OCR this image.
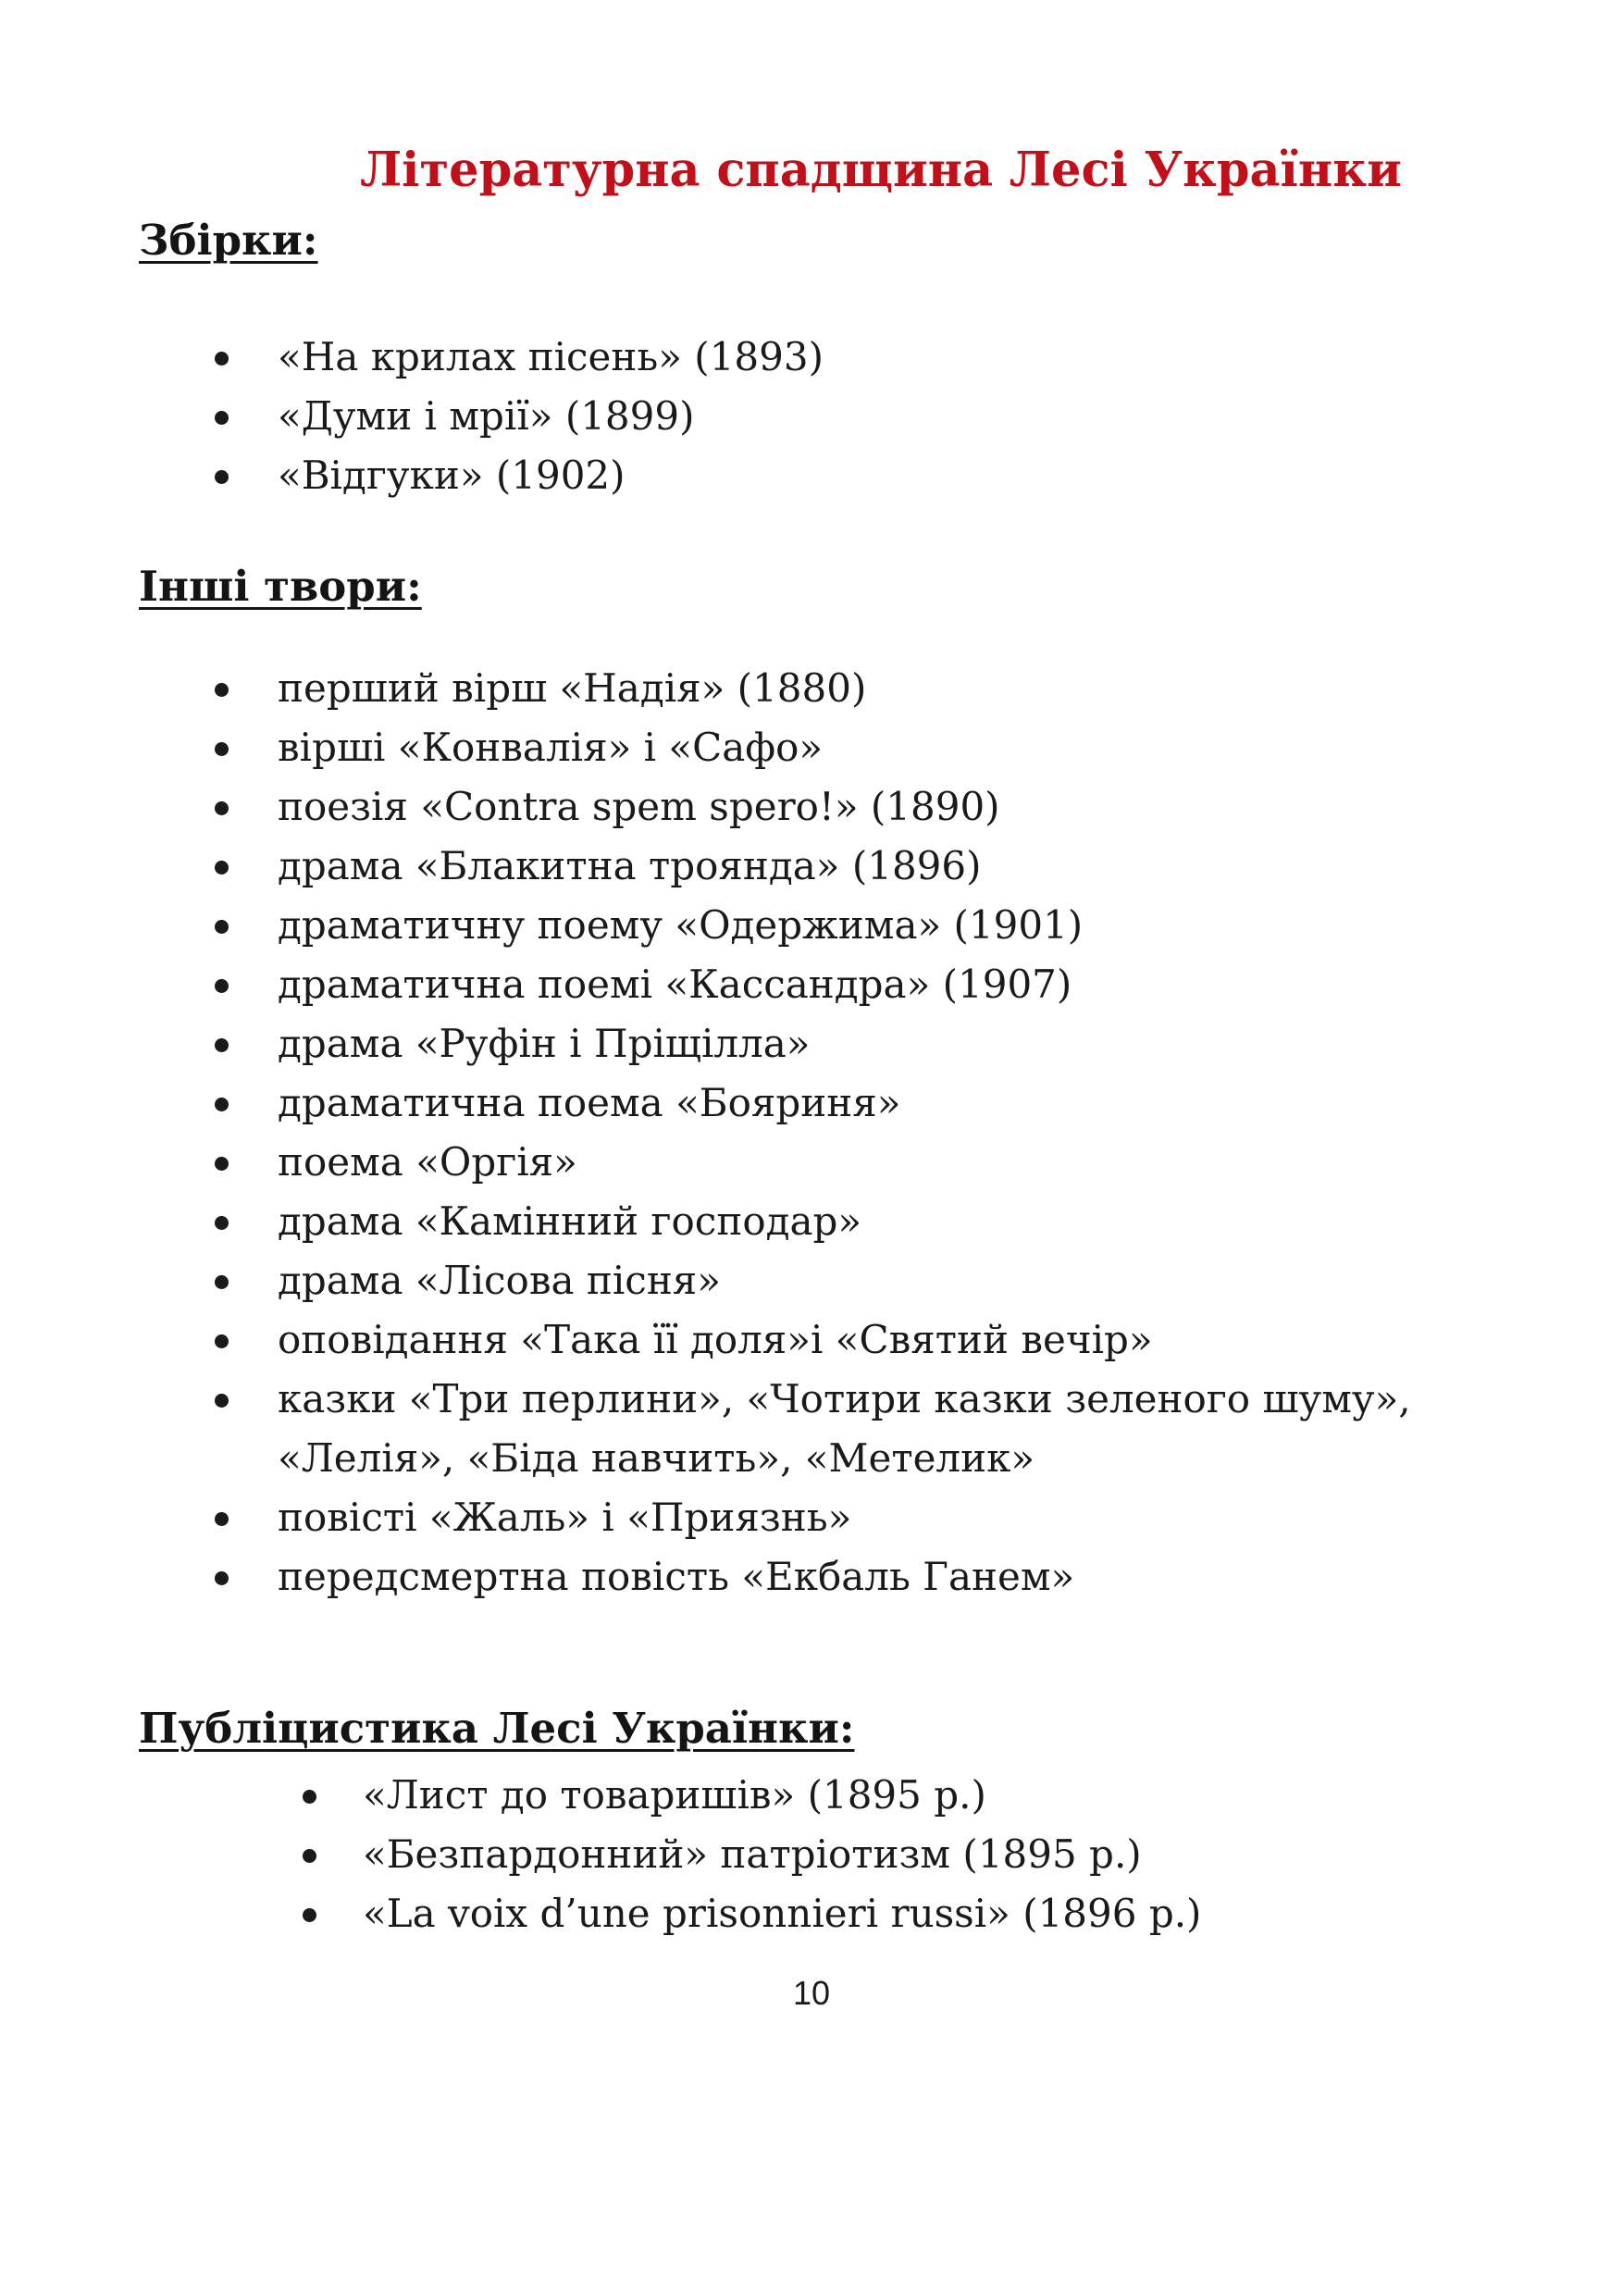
Літературна спадщина Лесі Українки
Збірки:
«На крилах пісень» (1893)
«Думи і мрії» (1899)
«Відгуки» (1902)
Інші твори:
перший вірш «Надія» (1880)
вірші «Конвалія» і «Сафо»
поезія «Contra spem spero!» (1890)
драма «Блакитна троянда» (1896)
драматичну поему «Одержима» (1901)
драматична поемі «Кассандра» (1907)
драма «Руфін і Пріщілла»
драматична поема «Бояриня»
поема «Оргія»
драма «Камінний господар»
драма «Лісова пісня»
оповідання «Така її доля»і «Святий вечір»
казки «Три перлини», «Чотири казки зеленого шуму»,
«Лелія», «Біда навчить», «Метелик»
повісті «Жаль» і «Приязнь»
передсмертна повість «Екбаль Ганем»
Публіцистика Лесі Українки:
«Лист до товаришів» (1895 р.)
«Безпардонний» патріотизм (1895 р.)
«La voix d’une prisonnieri russi» (1896 р.)
10
